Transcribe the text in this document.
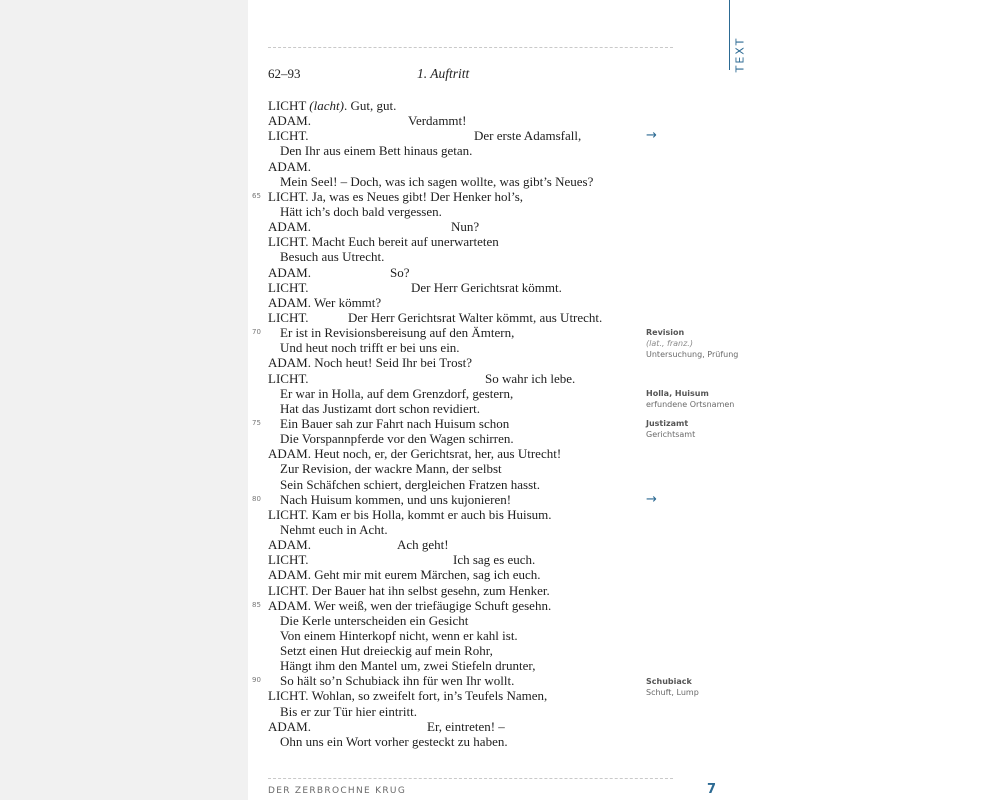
TEXT
62–93	1. Auftritt
LICHT (lacht). Gut, gut.
ADAM.	Verdammt!
LICHT.	Der erste Adamsfall,
Den Ihr aus einem Bett hinaus getan.
ADAM.
Mein Seel! – Doch, was ich sagen wollte, was gibt’s Neues?
65 LICHT. Ja, was es Neues gibt! Der Henker hol’s,
Hätt ich’s doch bald vergessen.
ADAM.	Nun?
LICHT. Macht Euch bereit auf unerwarteten
Besuch aus Utrecht.
ADAM.	So?
LICHT.	Der Herr Gerichtsrat kömmt.
ADAM. Wer kömmt?
LICHT.	Der Herr Gerichtsrat Walter kömmt, aus Utrecht.
70 Er ist in Revisionsbereisung auf den Ämtern,
Und heut noch trifft er bei uns ein.
ADAM. Noch heut! Seid Ihr bei Trost?
LICHT.	So wahr ich lebe.
Er war in Holla, auf dem Grenzdorf, gestern,
Hat das Justizamt dort schon revidiert.
75 Ein Bauer sah zur Fahrt nach Huisum schon
Die Vorspannpferde vor den Wagen schirren.
ADAM. Heut noch, er, der Gerichtsrat, her, aus Utrecht!
Zur Revision, der wackre Mann, der selbst
Sein Schäfchen schiert, dergleichen Fratzen hasst.
80 Nach Huisum kommen, und uns kujonieren!
LICHT. Kam er bis Holla, kommt er auch bis Huisum.
Nehmt euch in Acht.
ADAM.	Ach geht!
LICHT.	Ich sag es euch.
ADAM. Geht mir mit eurem Märchen, sag ich euch.
LICHT. Der Bauer hat ihn selbst gesehn, zum Henker.
85 ADAM. Wer weiß, wen der triefäugige Schuft gesehn.
Die Kerle unterscheiden ein Gesicht
Von einem Hinterkopf nicht, wenn er kahl ist.
Setzt einen Hut dreieckig auf mein Rohr,
Hängt ihm den Mantel um, zwei Stiefeln drunter,
90 So hält so’n Schubiack ihn für wen Ihr wollt.
LICHT. Wohlan, so zweifelt fort, in’s Teufels Namen,
Bis er zur Tür hier eintritt.
ADAM.	Er, eintreten! –
Ohn uns ein Wort vorher gesteckt zu haben.
DER ZERBROCHNE KRUG	7
→
→
Revision
(lat., franz.)
Untersuchung, Prüfung
Holla, Huisum
erfundene Ortsnamen
Justizamt
Gerichtsamt
Schubiack
Schuft, Lump
